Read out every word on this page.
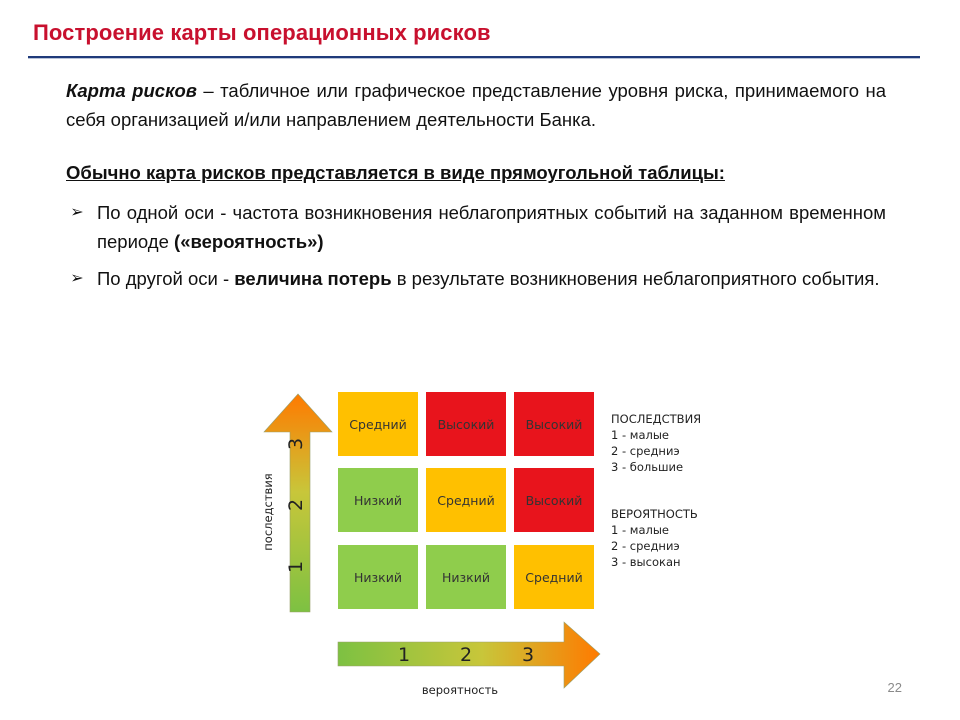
Построение карты операционных рисков
Карта рисков – табличное или графическое представление уровня риска, принимаемого на себя организацией и/или направлением деятельности Банка.
Обычно карта рисков представляется в виде прямоугольной таблицы:
➢ По одной оси - частота возникновения неблагоприятных событий на заданном временном периоде («вероятность»)
➢ По другой оси - величина потерь в результате возникновения неблагоприятного события.
последствия
вероятность
1
2
3
1	2	3
Средний	Высокий	Высокий
Низкий	Средний	Высокий
Низкий	Низкий	Средний
ПОСЛЕДСТВИЯ
1 - малые
2 - средниэ
3 - большие
ВЕРОЯТНОСТЬ
1 - малые
2 - средниэ
3 - высокан
22
